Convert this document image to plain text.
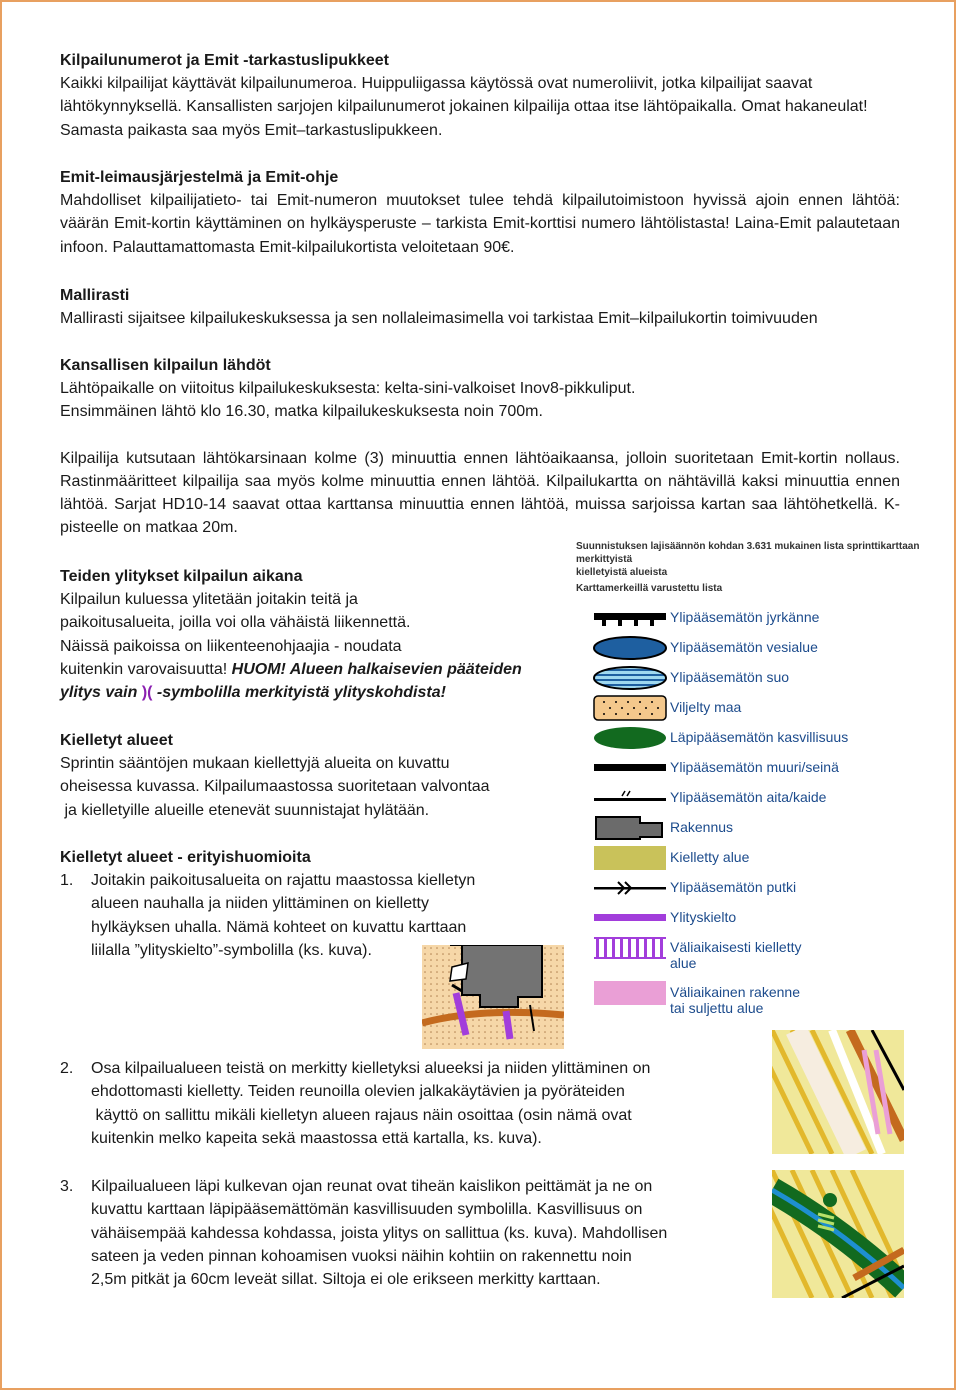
Kilpailunumerot ja Emit -tarkastuslipukkeet

Kaikki kilpailijat käyttävät kilpailunumeroa. Huippuliigassa käytössä ovat numeroliivit, jotka kilpailijat saavat lähtökynnyksellä. Kansallisten sarjojen kilpailunumerot jokainen kilpailija ottaa itse lähtöpaikalla. Omat hakaneulat! Samasta paikasta saa myös Emit–tarkastuslipukkeen.

Emit-leimausjärjestelmä ja Emit-ohje

Mahdolliset kilpailijatieto- tai Emit-numeron muutokset tulee tehdä kilpailutoimistoon hyvissä ajoin ennen lähtöä: väärän Emit-kortin käyttäminen on hylkäysperuste – tarkista Emit-korttisi numero lähtölistasta! Laina-Emit palautetaan infoon. Palauttamattomasta Emit-kilpailukortista veloitetaan 90€.

Mallirasti

Mallirasti sijaitsee kilpailukeskuksessa ja sen nollaleimasimella voi tarkistaa Emit–kilpailukortin toimivuuden

Kansallisen kilpailun lähdöt

Lähtöpaikalle on viitoitus kilpailukeskuksesta: kelta-sini-valkoiset Inov8-pikkuliput.

Ensimmäinen lähtö klo 16.30, matka kilpailukeskuksesta noin 700m.

Kilpailija kutsutaan lähtökarsinaan kolme (3) minuuttia ennen lähtöaikaansa, jolloin suoritetaan Emit-kortin nollaus. Rastinmääritteet kilpailija saa myös kolme minuuttia ennen lähtöä. Kilpailukartta on nähtävillä kaksi minuuttia ennen lähtöä. Sarjat HD10-14 saavat ottaa karttansa minuuttia ennen lähtöä, muissa sarjoissa kartan saa lähtöhetkellä. K-pisteelle on matkaa 20m.

Teiden ylitykset kilpailun aikana

Kilpailun kuluessa ylitetään joitakin teitä ja

paikoitusalueita, joilla voi olla vähäistä liikennettä.

Näissä paikoissa on liikenteenohjaajia - noudata

kuitenkin varovaisuutta! HUOM! Alueen halkaisevien pääteiden

ylitys vain )( -symbolilla merkityistä ylityskohdista!

Kielletyt alueet

Sprintin sääntöjen mukaan kiellettyjä alueita on kuvattu

oheisessa kuvassa. Kilpailumaastossa suoritetaan valvontaa

ja kielletyille alueille etenevät suunnistajat hylätään.

Kielletyt alueet - erityishuomioita

1. Joitakin paikoitusalueita on rajattu maastossa kielletyn

alueen nauhalla ja niiden ylittäminen on kielletty

hylkäyksen uhalla. Nämä kohteet on kuvattu karttaan

liilalla ”ylityskielto”-symbolilla (ks. kuva).

2. Osa kilpailualueen teistä on merkitty kielletyksi alueeksi ja niiden ylittäminen on

ehdottomasti kielletty. Teiden reunoilla olevien jalkakäytävien ja pyöräteiden

käyttö on sallittu mikäli kielletyn alueen rajaus näin osoittaa (osin nämä ovat

kuitenkin melko kapeita sekä maastossa että kartalla, ks. kuva).

3. Kilpailualueen läpi kulkevan ojan reunat ovat tiheän kaislikon peittämät ja ne on

kuvattu karttaan läpipääsemättömän kasvillisuuden symbolilla. Kasvillisuus on

vähäisempää kahdessa kohdassa, joista ylitys on sallittua (ks. kuva). Mahdollisen

sateen ja veden pinnan kohoamisen vuoksi näihin kohtiin on rakennettu noin

2,5m pitkät ja 60cm leveät sillat. Siltoja ei ole erikseen merkitty karttaan.

Suunnistuksen lajisäännön kohdan 3.631 mukainen lista sprinttikarttaan merkittyistä
kielletyistä alueista
Karttamerkeillä varustettu lista
Ylipääsemätön jyrkänne
Ylipääsemätön vesialue
Ylipääsemätön suo
Viljelty maa
Läpipääsemätön kasvillisuus
Ylipääsemätön muuri/seinä
Ylipääsemätön aita/kaide
Rakennus
Kielletty alue
Ylipääsemätön putki
Ylityskielto
Väliaikaisesti kielletty
alue
Väliaikainen rakenne
tai suljettu alue
